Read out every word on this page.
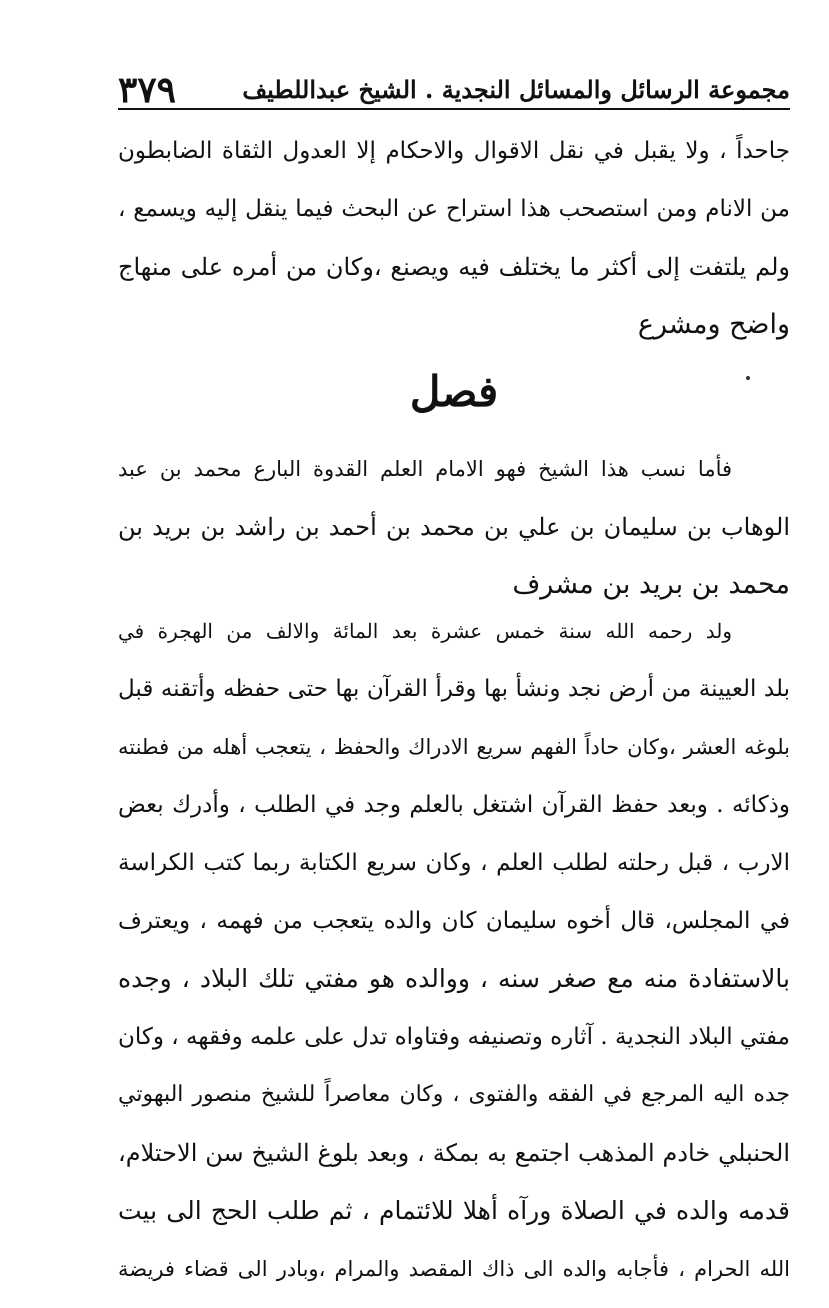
مجموعة الرسائل والمسائل النجدية . الشيخ عبداللطيف
٣٧٩
جاحداً ، ولا يقبل في نقل الاقوال والاحكام إلا العدول الثقاة الضابطون
من الانام ومن استصحب هذا استراح عن البحث فيما ينقل إليه ويسمع ،
ولم يلتفت إلى أكثر ما يختلف فيه ويصنع ،وكان من أمره على منهاج
واضح ومشرع
فصل
فأما نسب هذا الشيخ فهو الامام العلم القدوة البارع محمد بن عبد
الوهاب بن سليمان بن علي بن محمد بن أحمد بن راشد بن بريد بن
محمد بن بريد بن مشرف
ولد رحمه الله سنة خمس عشرة بعد المائة والالف من الهجرة في
بلد العيينة من أرض نجد ونشأ بها وقرأ القرآن بها حتى حفظه وأتقنه قبل
بلوغه العشر ،وكان حاداً الفهم سريع الادراك والحفظ ، يتعجب أهله من فطنته
وذكائه . وبعد حفظ القرآن اشتغل بالعلم وجد في الطلب ، وأدرك بعض
الارب ، قبل رحلته لطلب العلم ، وكان سريع الكتابة ربما كتب الكراسة
في المجلس، قال أخوه سليمان كان والده يتعجب من فهمه ، ويعترف
بالاستفادة منه مع صغر سنه ، ووالده هو مفتي تلك البلاد ، وجده
مفتي البلاد النجدية . آثاره وتصنيفه وفتاواه تدل على علمه وفقهه ، وكان
جده اليه المرجع في الفقه والفتوى ، وكان معاصراً للشيخ منصور البهوتي
الحنبلي خادم المذهب اجتمع به بمكة ، وبعد بلوغ الشيخ سن الاحتلام،
قدمه والده في الصلاة ورآه أهلا للائتمام ، ثم طلب الحج الى بيت
الله الحرام ، فأجابه والده الى ذاك المقصد والمرام ،وبادر الى قضاء فريضة
